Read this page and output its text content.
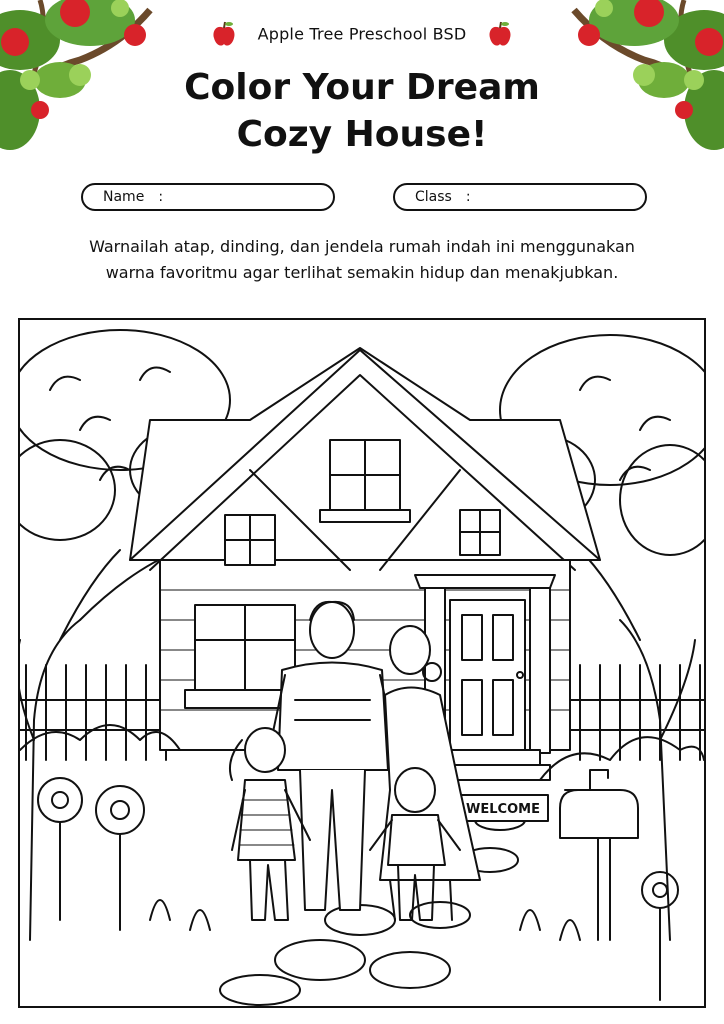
Apple Tree Preschool BSD
Color Your Dream
Cozy House!
Name :	Class :
Warnailah atap, dinding, dan jendela rumah indah ini menggunakan
warna favoritmu agar terlihat semakin hidup dan menakjubkan.
WELCOME
